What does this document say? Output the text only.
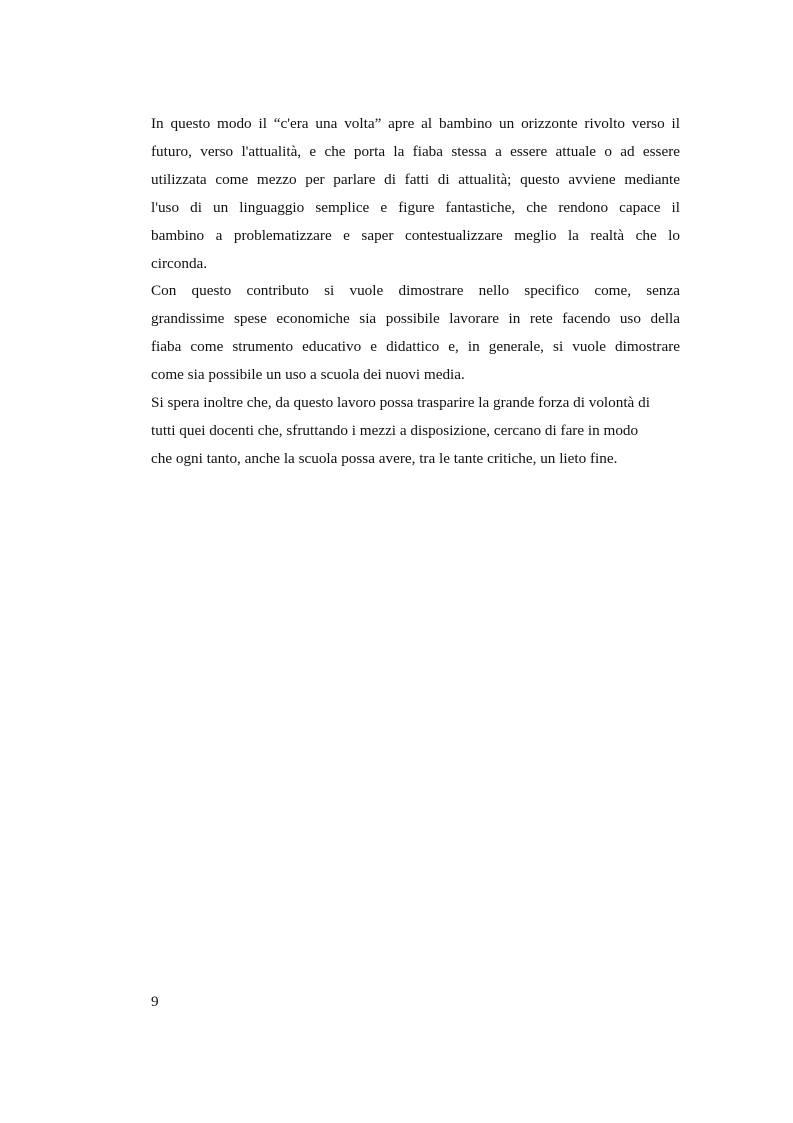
In questo modo il “c'era una volta” apre al bambino un orizzonte rivolto verso il

futuro, verso l'attualità, e che porta la fiaba stessa a essere attuale o ad essere

utilizzata come mezzo per parlare di fatti di attualità; questo avviene mediante

l'uso di un linguaggio semplice e figure fantastiche, che rendono capace il

bambino a problematizzare e saper contestualizzare meglio la realtà che lo

circonda.

Con questo contributo si vuole dimostrare nello specifico come, senza

grandissime spese economiche sia possibile lavorare in rete facendo uso della

fiaba come strumento educativo e didattico e, in generale, si vuole dimostrare

come sia possibile un uso a scuola dei nuovi media.

Si spera inoltre che, da questo lavoro possa trasparire la grande forza di volontà di

tutti quei docenti che, sfruttando i mezzi a disposizione, cercano di fare in modo

che ogni tanto, anche la scuola possa avere, tra le tante critiche, un lieto fine.

9
